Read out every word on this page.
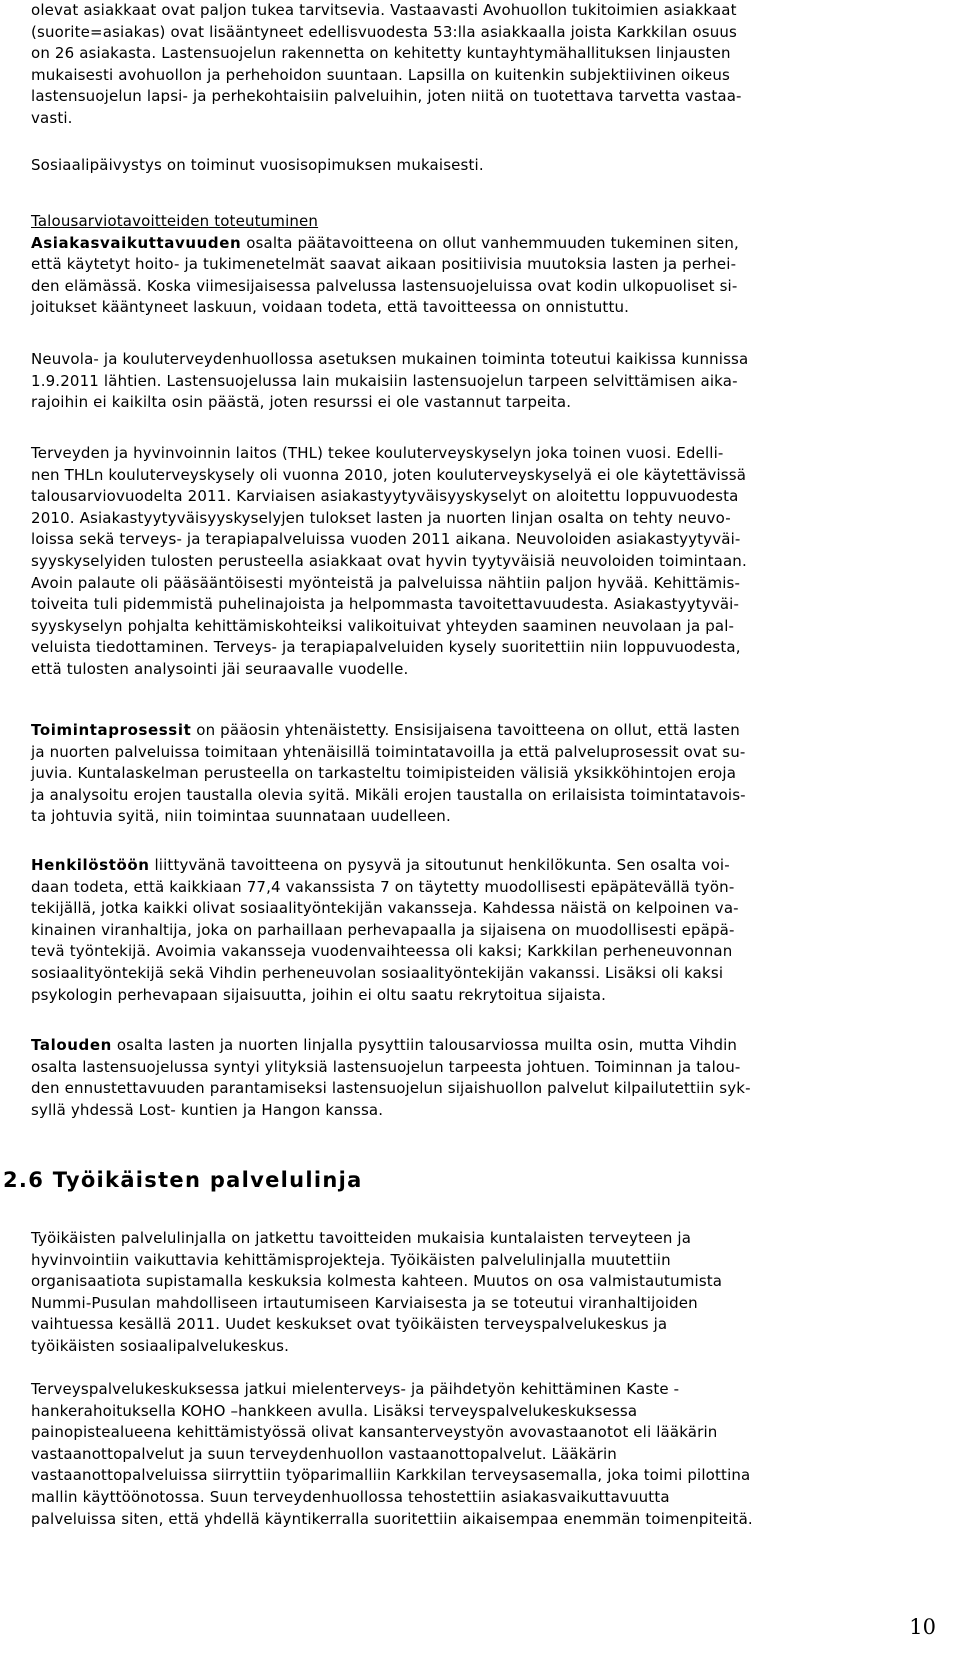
olevat asiakkaat ovat paljon tukea tarvitsevia. Vastaavasti Avohuollon tukitoimien asiakkaat
(suorite=asiakas) ovat lisääntyneet edellisvuodesta 53:lla asiakkaalla joista Karkkilan osuus
on 26 asiakasta. Lastensuojelun rakennetta on kehitetty kuntayhtymähallituksen linjausten
mukaisesti avohuollon ja perhehoidon suuntaan. Lapsilla on kuitenkin subjektiivinen oikeus
lastensuojelun lapsi- ja perhekohtaisiin palveluihin, joten niitä on tuotettava tarvetta vastaa-
vasti.

Sosiaalipäivystys on toiminut vuosisopimuksen mukaisesti.

Talousarviotavoitteiden toteutuminen
Asiakasvaikuttavuuden osalta päätavoitteena on ollut vanhemmuuden tukeminen siten,
että käytetyt hoito- ja tukimenetelmät saavat aikaan positiivisia muutoksia lasten ja perhei-
den elämässä. Koska viimesijaisessa palvelussa lastensuojeluissa ovat kodin ulkopuoliset si-
joitukset kääntyneet laskuun, voidaan todeta, että tavoitteessa on onnistuttu.

Neuvola- ja kouluterveydenhuollossa asetuksen mukainen toiminta toteutui kaikissa kunnissa
1.9.2011 lähtien. Lastensuojelussa lain mukaisiin lastensuojelun tarpeen selvittämisen aika-
rajoihin ei kaikilta osin päästä, joten resurssi ei ole vastannut tarpeita.

Terveyden ja hyvinvoinnin laitos (THL) tekee kouluterveyskyselyn joka toinen vuosi. Edelli-
nen THLn kouluterveyskysely oli vuonna 2010, joten kouluterveyskyselyä ei ole käytettävissä
talousarviovuodelta 2011. Karviaisen asiakastyytyväisyyskyselyt on aloitettu loppuvuodesta
2010. Asiakastyytyväisyyskyselyjen tulokset lasten ja nuorten linjan osalta on tehty neuvo-
loissa sekä terveys- ja terapiapalveluissa vuoden 2011 aikana. Neuvoloiden asiakastyytyväi-
syyskyselyiden tulosten perusteella asiakkaat ovat hyvin tyytyväisiä neuvoloiden toimintaan.
Avoin palaute oli pääsääntöisesti myönteistä ja palveluissa nähtiin paljon hyvää. Kehittämis-
toiveita tuli pidemmistä puhelinajoista ja helpommasta tavoitettavuudesta. Asiakastyytyväi-
syyskyselyn pohjalta kehittämiskohteiksi valikoituivat yhteyden saaminen neuvolaan ja pal-
veluista tiedottaminen. Terveys- ja terapiapalveluiden kysely suoritettiin niin loppuvuodesta,
että tulosten analysointi jäi seuraavalle vuodelle.

Toimintaprosessit on pääosin yhtenäistetty. Ensisijaisena tavoitteena on ollut, että lasten
ja nuorten palveluissa toimitaan yhtenäisillä toimintatavoilla ja että palveluprosessit ovat su-
juvia. Kuntalaskelman perusteella on tarkasteltu toimipisteiden välisiä yksikköhintojen eroja
ja analysoitu erojen taustalla olevia syitä. Mikäli erojen taustalla on erilaisista toimintatavois-
ta johtuvia syitä, niin toimintaa suunnataan uudelleen.

Henkilöstöön liittyvänä tavoitteena on pysyvä ja sitoutunut henkilökunta. Sen osalta voi-
daan todeta, että kaikkiaan 77,4 vakanssista 7 on täytetty muodollisesti epäpätevällä työn-
tekijällä, jotka kaikki olivat sosiaalityöntekijän vakansseja. Kahdessa näistä on kelpoinen va-
kinainen viranhaltija, joka on parhaillaan perhevapaalla ja sijaisena on muodollisesti epäpä-
tevä työntekijä. Avoimia vakansseja vuodenvaihteessa oli kaksi; Karkkilan perheneuvonnan
sosiaalityöntekijä sekä Vihdin perheneuvolan sosiaalityöntekijän vakanssi. Lisäksi oli kaksi
psykologin perhevapaan sijaisuutta, joihin ei oltu saatu rekrytoitua sijaista.

Talouden osalta lasten ja nuorten linjalla pysyttiin talousarviossa muilta osin, mutta Vihdin
osalta lastensuojelussa syntyi ylityksiä lastensuojelun tarpeesta johtuen. Toiminnan ja talou-
den ennustettavuuden parantamiseksi lastensuojelun sijaishuollon palvelut kilpailutettiin syk-
syllä yhdessä Lost- kuntien ja Hangon kanssa.

2.6 Työikäisten palvelulinja

Työikäisten palvelulinjalla on jatkettu tavoitteiden mukaisia kuntalaisten terveyteen ja
hyvinvointiin vaikuttavia kehittämisprojekteja. Työikäisten palvelulinjalla muutettiin
organisaatiota supistamalla keskuksia kolmesta kahteen. Muutos on osa valmistautumista
Nummi-Pusulan mahdolliseen irtautumiseen Karviaisesta ja se toteutui viranhaltijoiden
vaihtuessa kesällä 2011. Uudet keskukset ovat työikäisten terveyspalvelukeskus ja
työikäisten sosiaalipalvelukeskus.

Terveyspalvelukeskuksessa jatkui mielenterveys- ja päihdetyön kehittäminen Kaste -
hankerahoituksella KOHO –hankkeen avulla. Lisäksi terveyspalvelukeskuksessa
painopistealueena kehittämistyössä olivat kansanterveystyön avovastaanotot eli lääkärin
vastaanottopalvelut ja suun terveydenhuollon vastaanottopalvelut. Lääkärin
vastaanottopalveluissa siirryttiin työparimalliin Karkkilan terveysasemalla, joka toimi pilottina
mallin käyttöönotossa. Suun terveydenhuollossa tehostettiin asiakasvaikuttavuutta
palveluissa siten, että yhdellä käyntikerralla suoritettiin aikaisempaa enemmän toimenpiteitä.

10
